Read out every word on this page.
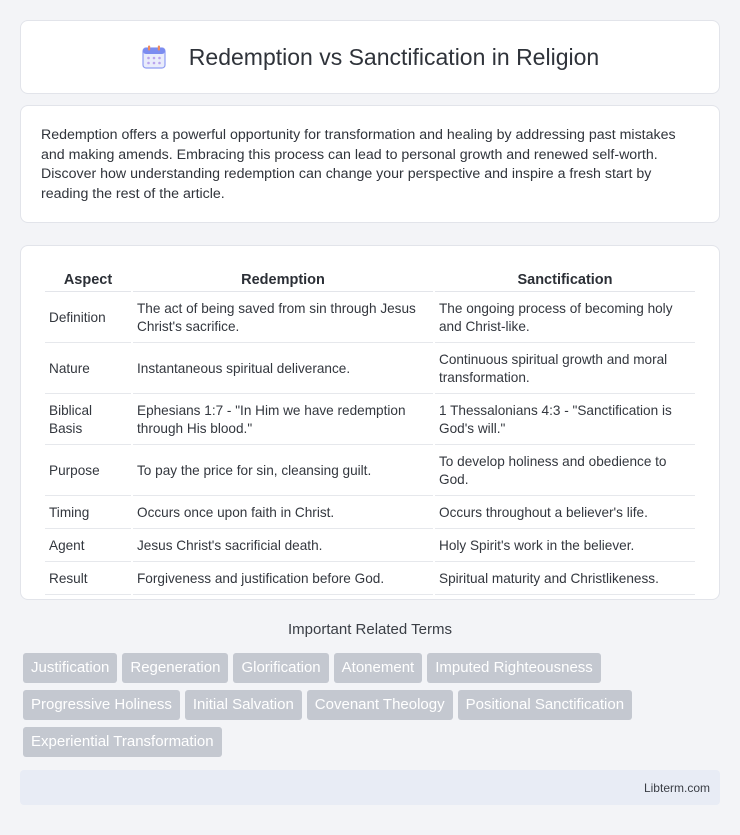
Redemption vs Sanctification in Religion

Redemption offers a powerful opportunity for transformation and healing by addressing past mistakes and making amends. Embracing this process can lead to personal growth and renewed self-worth. Discover how understanding redemption can change your perspective and inspire a fresh start by reading the rest of the article.

Aspect	Redemption	Sanctification
Definition	The act of being saved from sin through Jesus Christ's sacrifice.	The ongoing process of becoming holy and Christ-like.
Nature	Instantaneous spiritual deliverance.	Continuous spiritual growth and moral transformation.
Biblical Basis	Ephesians 1:7 - "In Him we have redemption through His blood."	1 Thessalonians 4:3 - "Sanctification is God's will."
Purpose	To pay the price for sin, cleansing guilt.	To develop holiness and obedience to God.
Timing	Occurs once upon faith in Christ.	Occurs throughout a believer's life.
Agent	Jesus Christ's sacrificial death.	Holy Spirit's work in the believer.
Result	Forgiveness and justification before God.	Spiritual maturity and Christlikeness.
Important Related Terms
Justification	Regeneration	Glorification	Atonement	Imputed Righteousness
Progressive Holiness	Initial Salvation	Covenant Theology	Positional Sanctification
Experiential Transformation
Libterm.com
